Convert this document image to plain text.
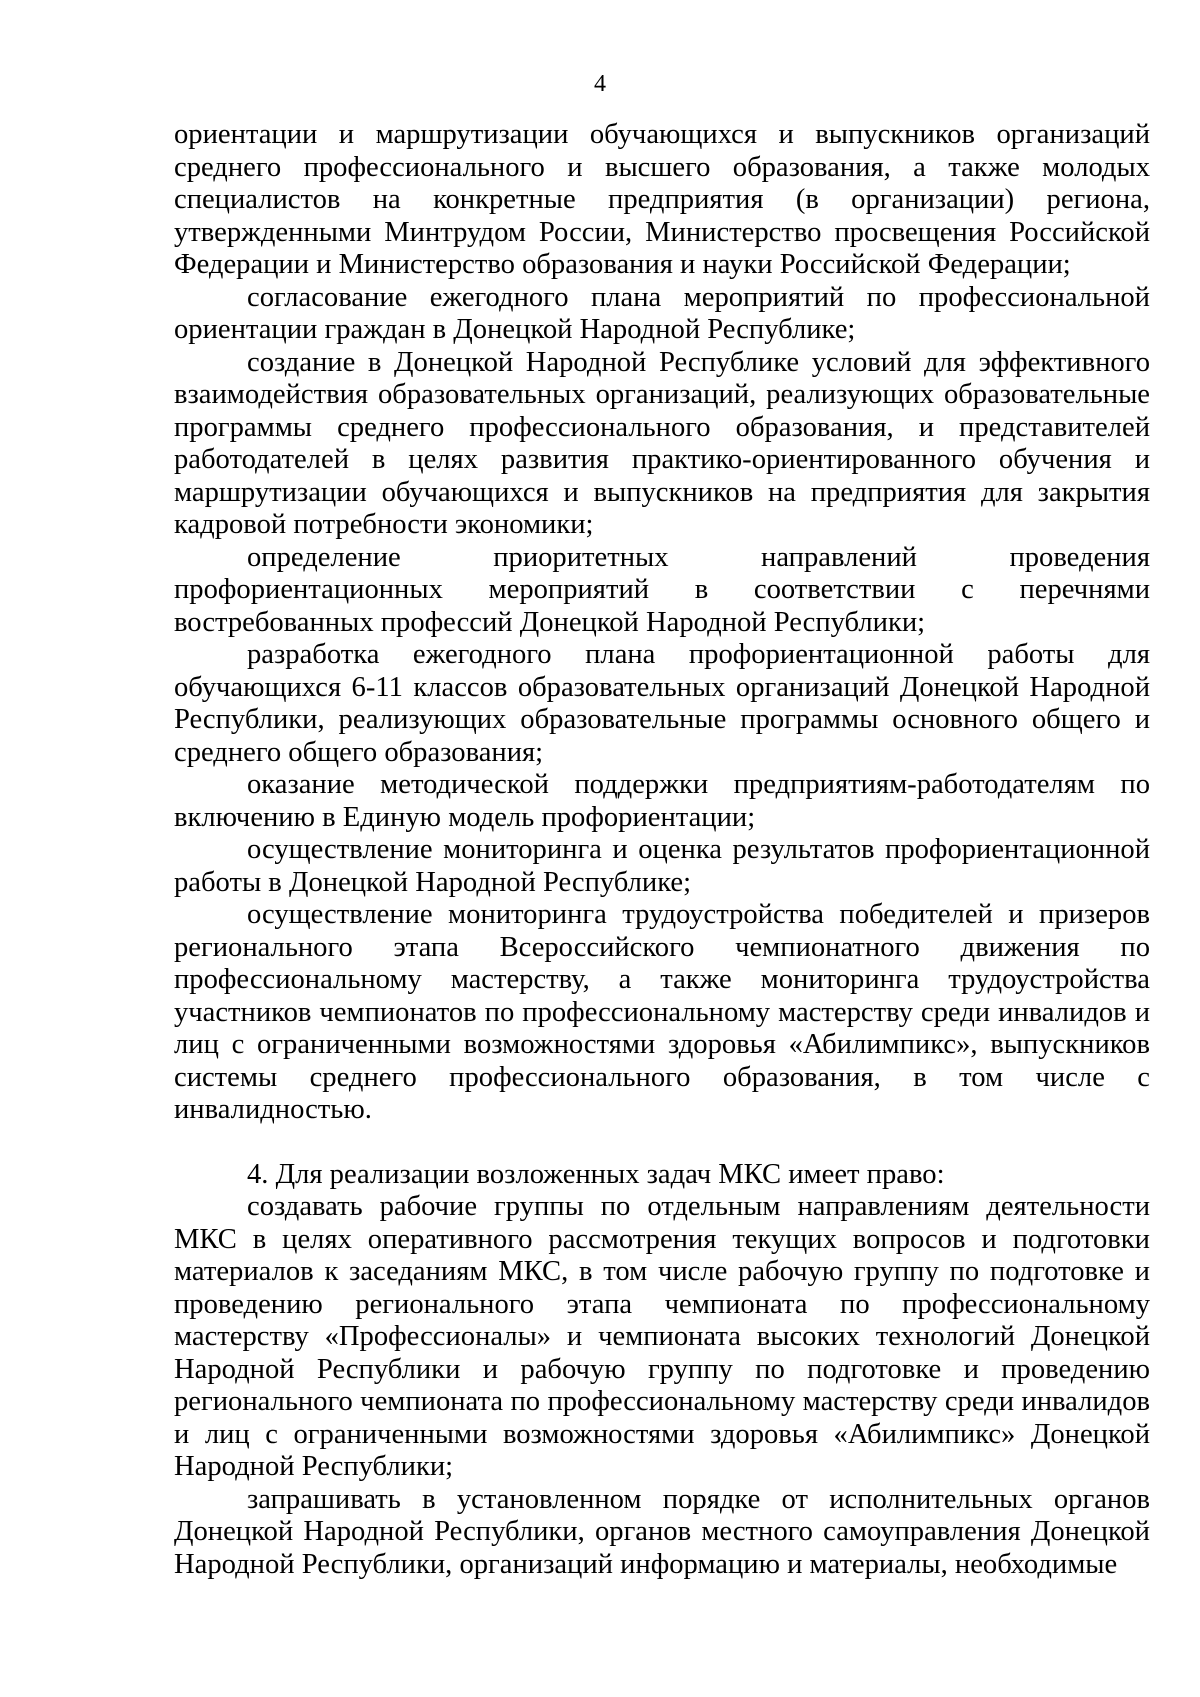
4

ориентации и маршрутизации обучающихся и выпускников организаций среднего профессионального и высшего образования, а также молодых специалистов на конкретные предприятия (в организации) региона, утвержденными Минтрудом России, Министерство просвещения Российской Федерации и Министерство образования и науки Российской Федерации;

согласование ежегодного плана мероприятий по профессиональной ориентации граждан в Донецкой Народной Республике;

создание в Донецкой Народной Республике условий для эффективного взаимодействия образовательных организаций, реализующих образовательные программы среднего профессионального образования, и представителей работодателей в целях развития практико-ориентированного обучения и маршрутизации обучающихся и выпускников на предприятия для закрытия кадровой потребности экономики;

определение приоритетных направлений проведения профориентационных мероприятий в соответствии с перечнями востребованных профессий Донецкой Народной Республики;

разработка ежегодного плана профориентационной работы для обучающихся 6-11 классов образовательных организаций Донецкой Народной Республики, реализующих образовательные программы основного общего и среднего общего образования;

оказание методической поддержки предприятиям-работодателям по включению в Единую модель профориентации;

осуществление мониторинга и оценка результатов профориентационной работы в Донецкой Народной Республике;

осуществление мониторинга трудоустройства победителей и призеров регионального этапа Всероссийского чемпионатного движения по профессиональному мастерству, а также мониторинга трудоустройства участников чемпионатов по профессиональному мастерству среди инвалидов и лиц с ограниченными возможностями здоровья «Абилимпикс», выпускников системы среднего профессионального образования, в том числе с инвалидностью.

4. Для реализации возложенных задач МКС имеет право:

создавать рабочие группы по отдельным направлениям деятельности МКС в целях оперативного рассмотрения текущих вопросов и подготовки материалов к заседаниям МКС, в том числе рабочую группу по подготовке и проведению регионального этапа чемпионата по профессиональному мастерству «Профессионалы» и чемпионата высоких технологий Донецкой Народной Республики и рабочую группу по подготовке и проведению регионального чемпионата по профессиональному мастерству среди инвалидов и лиц с ограниченными возможностями здоровья «Абилимпикс» Донецкой Народной Республики;

запрашивать в установленном порядке от исполнительных органов Донецкой Народной Республики, органов местного самоуправления Донецкой Народной Республики, организаций информацию и материалы, необходимые
